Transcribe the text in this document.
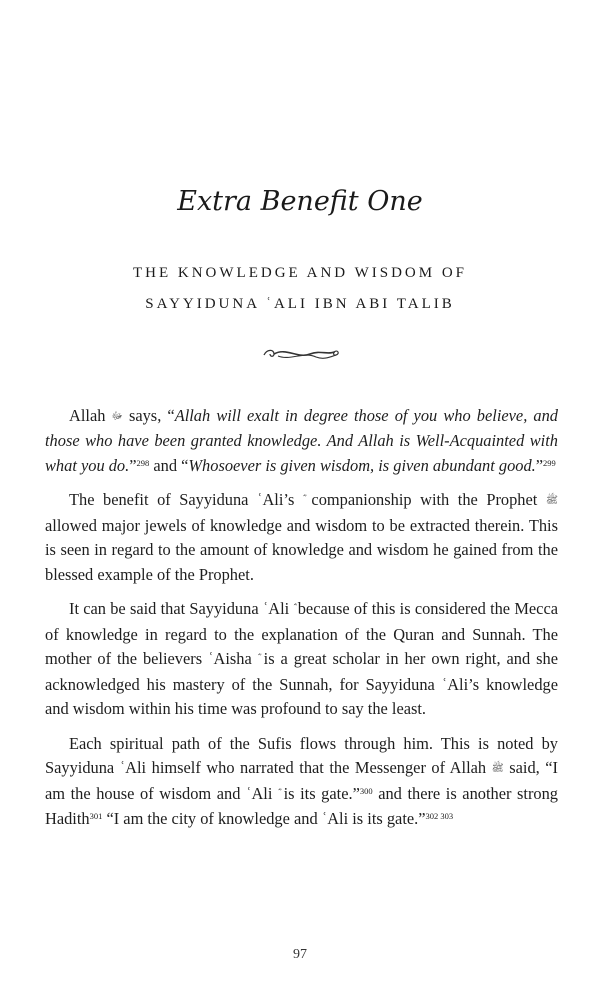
Extra Benefit One
THE KNOWLEDGE AND WISDOM OF
SAYYIDUNA ʿALI IBN ABI TALIB

Allah ﷻ says, “Allah will exalt in degree those of you who believe, and those who have been granted knowledge. And Allah is Well-Acquainted with what you do.”$^{298}$ and “Whosoever is given wisdom, is given abundant good.”$^{299}$

The benefit of Sayyiduna ʿAli’s companionship with the Prophet ﷺ allowed major jewels of knowledge and wisdom to be extracted therein. This is seen in regard to the amount of knowledge and wisdom he gained from the blessed example of the Prophet.

It can be said that Sayyiduna ʿAli because of this is considered the Mecca of knowledge in regard to the explanation of the Quran and Sunnah. The mother of the believers ʿAisha is a great scholar in her own right, and she acknowledged his mastery of the Sunnah, for Sayyiduna ʿAli’s knowledge and wisdom within his time was profound to say the least.

Each spiritual path of the Sufis flows through him. This is noted by Sayyiduna ʿAli himself who narrated that the Messenger of Allah ﷺ said, “I am the house of wisdom and ʿAli is its gate.”$^{300}$ and there is another strong Hadith$^{301}$ “I am the city of knowledge and ʿAli is its gate.”$^{302 303}$

97
